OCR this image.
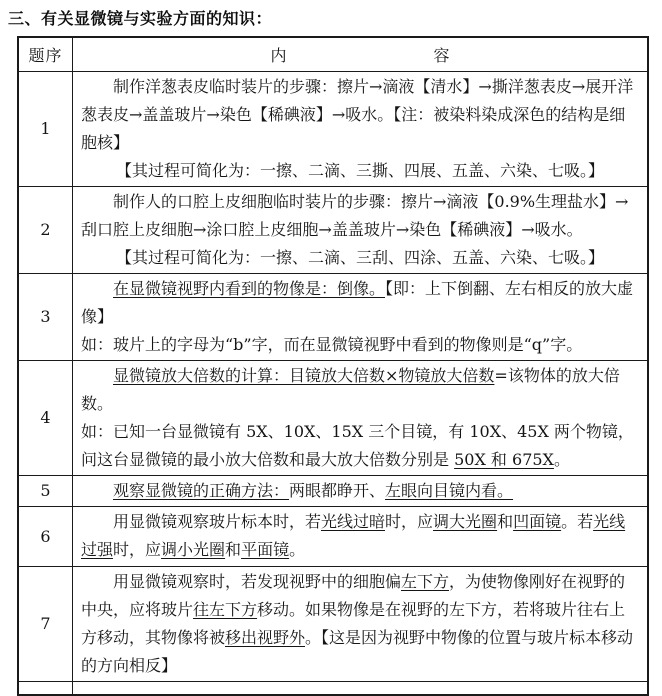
三、有关显微镜与实验方面的知识：
题序	内 容

1	制作洋葱表皮临时装片的步骤：擦片→滴液【清水】→撕洋葱表皮→展开洋葱表皮→盖盖玻片→染色【稀碘液】→吸水。【注：被染料染成深色的结构是细胞核】
【其过程可简化为：一擦、二滴、三撕、四展、五盖、六染、七吸。】

2	制作人的口腔上皮细胞临时装片的步骤：擦片→滴液【0.9%生理盐水】→ 刮口腔上皮细胞→涂口腔上皮细胞→盖盖玻片→染色【稀碘液】→吸水。
【其过程可简化为：一擦、二滴、三刮、四涂、五盖、六染、七吸。】

3	在显微镜视野内看到的物像是：倒像。【即：上下倒翻、左右相反的放大虚像】
如：玻片上的字母为“b”字，而在显微镜视野中看到的物像则是“q”字。

4	显微镜放大倍数的计算：目镜放大倍数×物镜放大倍数=该物体的放大倍数。
如：已知一台显微镜有 5X、10X、15X 三个目镜，有 10X、45X 两个物镜，问这台显微镜的最小放大倍数和最大放大倍数分别是 50X 和 675X。

5	观察显微镜的正确方法：两眼都睁开、左眼向目镜内看。

6	用显微镜观察玻片标本时，若光线过暗时，应调大光圈和凹面镜。若光线过强时，应调小光圈和平面镜。

7	用显微镜观察时，若发现视野中的细胞偏左下方，为使物像刚好在视野的中央，应将玻片往左下方移动。如果物像是在视野的左下方，若将玻片往右上方移动，其物像将被移出视野外。【这是因为视野中物像的位置与玻片标本移动的方向相反】
